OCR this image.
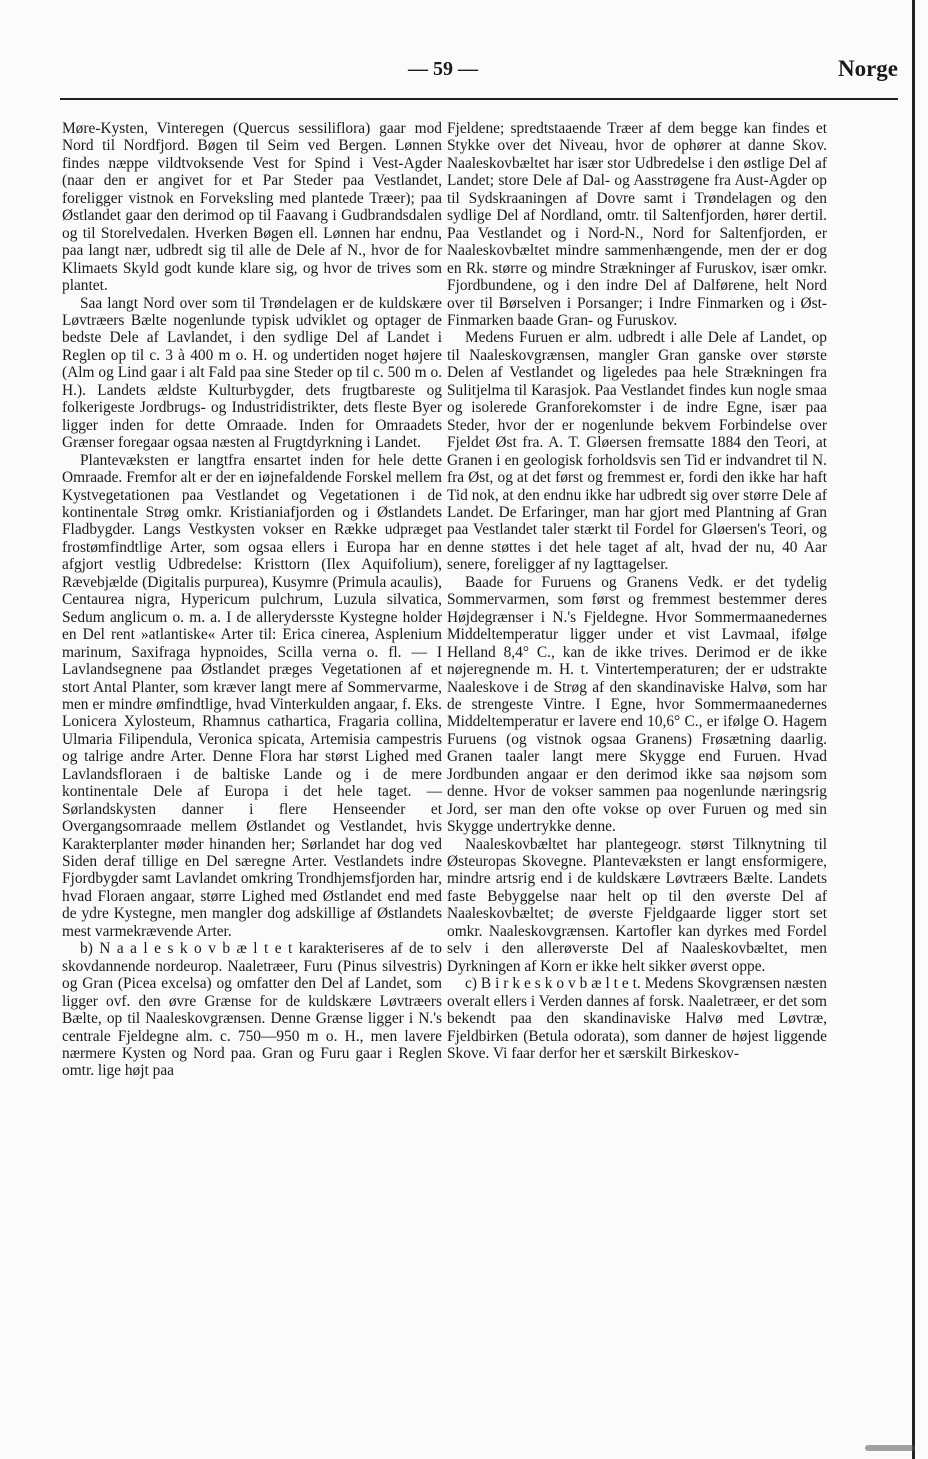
— 59 —	Norge

Møre-Kysten, Vinteregen (Quercus sessiliflora) gaar mod Nord til Nordfjord. Bøgen til Seim ved Bergen. Lønnen findes næppe vildtvoksende Vest for Spind i Vest-Agder (naar den er angivet for et Par Steder paa Vestlandet, foreligger vistnok en Forveksling med plantede Træer); paa Østlandet gaar den derimod op til Faavang i Gudbrandsdalen og til Storelvedalen. Hverken Bøgen ell. Lønnen har endnu, paa langt nær, udbredt sig til alle de Dele af N., hvor de for Klimaets Skyld godt kunde klare sig, og hvor de trives som plantet.

Saa langt Nord over som til Trøndelagen er de kuldskære Løvtræers Bælte nogenlunde typisk udviklet og optager de bedste Dele af Lavlandet, i den sydlige Del af Landet i Reglen op til c. 3 à 400 m o. H. og undertiden noget højere (Alm og Lind gaar i alt Fald paa sine Steder op til c. 500 m o. H.). Landets ældste Kulturbygder, dets frugtbareste og folkerigeste Jordbrugs- og Industridistrikter, dets fleste Byer ligger inden for dette Omraade. Inden for Omraadets Grænser foregaar ogsaa næsten al Frugtdyrkning i Landet.

Plantevæksten er langtfra ensartet inden for hele dette Omraade. Fremfor alt er der en iøjnefaldende Forskel mellem Kystvegetationen paa Vestlandet og Vegetationen i de kontinentale Strøg omkr. Kristianiafjorden og i Østlandets Fladbygder. Langs Vestkysten vokser en Række udpræget frostømfindtlige Arter, som ogsaa ellers i Europa har en afgjort vestlig Udbredelse: Kristtorn (Ilex Aquifolium), Rævebjælde (Digitalis purpurea), Kusymre (Primula acaulis), Centaurea nigra, Hypericum pulchrum, Luzula silvatica, Sedum anglicum o. m. a. I de allerydersste Kystegne holder en Del rent »atlantiske« Arter til: Erica cinerea, Asplenium marinum, Saxifraga hypnoides, Scilla verna o. fl. — I Lavlandsegnene paa Østlandet præges Vegetationen af et stort Antal Planter, som kræver langt mere af Sommervarme, men er mindre ømfindtlige, hvad Vinterkulden angaar, f. Eks. Lonicera Xylosteum, Rhamnus cathartica, Fragaria collina, Ulmaria Filipendula, Veronica spicata, Artemisia campestris og talrige andre Arter. Denne Flora har størst Lighed med Lavlandsfloraen i de baltiske Lande og i de mere kontinentale Dele af Europa i det hele taget. — Sørlandskysten danner i flere Henseender et Overgangsomraade mellem Østlandet og Vestlandet, hvis Karakterplanter møder hinanden her; Sørlandet har dog ved Siden deraf tillige en Del særegne Arter. Vestlandets indre Fjordbygder samt Lavlandet omkring Trondhjemsfjorden har, hvad Floraen angaar, større Lighed med Østlandet end med de ydre Kystegne, men mangler dog adskillige af Østlandets mest varmekrævende Arter.

b) N a a l e s k o v b æ l t e t karakteriseres af de to skovdannende nordeurop. Naaletræer, Furu (Pinus silvestris) og Gran (Picea excelsa) og omfatter den Del af Landet, som ligger ovf. den øvre Grænse for de kuldskære Løvtræers Bælte, op til Naaleskovgrænsen. Denne Grænse ligger i N.'s centrale Fjeldegne alm. c. 750—950 m o. H., men lavere nærmere Kysten og Nord paa. Gran og Furu gaar i Reglen omtr. lige højt paa

Fjeldene; spredtstaaende Træer af dem begge kan findes et Stykke over det Niveau, hvor de ophører at danne Skov. Naaleskovbæltet har især stor Udbredelse i den østlige Del af Landet; store Dele af Dal- og Aasstrøgene fra Aust-Agder op til Sydskraaningen af Dovre samt i Trøndelagen og den sydlige Del af Nordland, omtr. til Saltenfjorden, hører dertil. Paa Vestlandet og i Nord-N., Nord for Saltenfjorden, er Naaleskovbæltet mindre sammenhængende, men der er dog en Rk. større og mindre Strækninger af Furuskov, især omkr. Fjordbundene, og i den indre Del af Dalførene, helt Nord over til Børselven i Porsanger; i Indre Finmarken og i Øst-Finmarken baade Gran- og Furuskov.

Medens Furuen er alm. udbredt i alle Dele af Landet, op til Naaleskovgrænsen, mangler Gran ganske over største Delen af Vestlandet og ligeledes paa hele Strækningen fra Sulitjelma til Karasjok. Paa Vestlandet findes kun nogle smaa og isolerede Granforekomster i de indre Egne, især paa Steder, hvor der er nogenlunde bekvem Forbindelse over Fjeldet Øst fra. A. T. Gløersen fremsatte 1884 den Teori, at Granen i en geologisk forholdsvis sen Tid er indvandret til N. fra Øst, og at det først og fremmest er, fordi den ikke har haft Tid nok, at den endnu ikke har udbredt sig over større Dele af Landet. De Erfaringer, man har gjort med Plantning af Gran paa Vestlandet taler stærkt til Fordel for Gløersen's Teori, og denne støttes i det hele taget af alt, hvad der nu, 40 Aar senere, foreligger af ny Iagttagelser.

Baade for Furuens og Granens Vedk. er det tydelig Sommervarmen, som først og fremmest bestemmer deres Højdegrænser i N.'s Fjeldegne. Hvor Sommermaanedernes Middeltemperatur ligger under et vist Lavmaal, ifølge Helland 8,4° C., kan de ikke trives. Derimod er de ikke nøjeregnende m. H. t. Vintertemperaturen; der er udstrakte Naaleskove i de Strøg af den skandinaviske Halvø, som har de strengeste Vintre. I Egne, hvor Sommermaanedernes Middeltemperatur er lavere end 10,6° C., er ifølge O. Hagem Furuens (og vistnok ogsaa Granens) Frøsætning daarlig. Granen taaler langt mere Skygge end Furuen. Hvad Jordbunden angaar er den derimod ikke saa nøjsom som denne. Hvor de vokser sammen paa nogenlunde næringsrig Jord, ser man den ofte vokse op over Furuen og med sin Skygge undertrykke denne.

Naaleskovbæltet har plantegeogr. størst Tilknytning til Østeuropas Skovegne. Plantevæksten er langt ensformigere, mindre artsrig end i de kuldskære Løvtræers Bælte. Landets faste Bebyggelse naar helt op til den øverste Del af Naaleskovbæltet; de øverste Fjeldgaarde ligger stort set omkr. Naaleskovgrænsen. Kartofler kan dyrkes med Fordel selv i den allerøverste Del af Naaleskovbæltet, men Dyrkningen af Korn er ikke helt sikker øverst oppe.

c) B i r k e s k o v b æ l t e t. Medens Skovgrænsen næsten overalt ellers i Verden dannes af forsk. Naaletræer, er det som bekendt paa den skandinaviske Halvø med Løvtræ, Fjeldbirken (Betula odorata), som danner de højest liggende Skove. Vi faar derfor her et særskilt Birkeskov-
